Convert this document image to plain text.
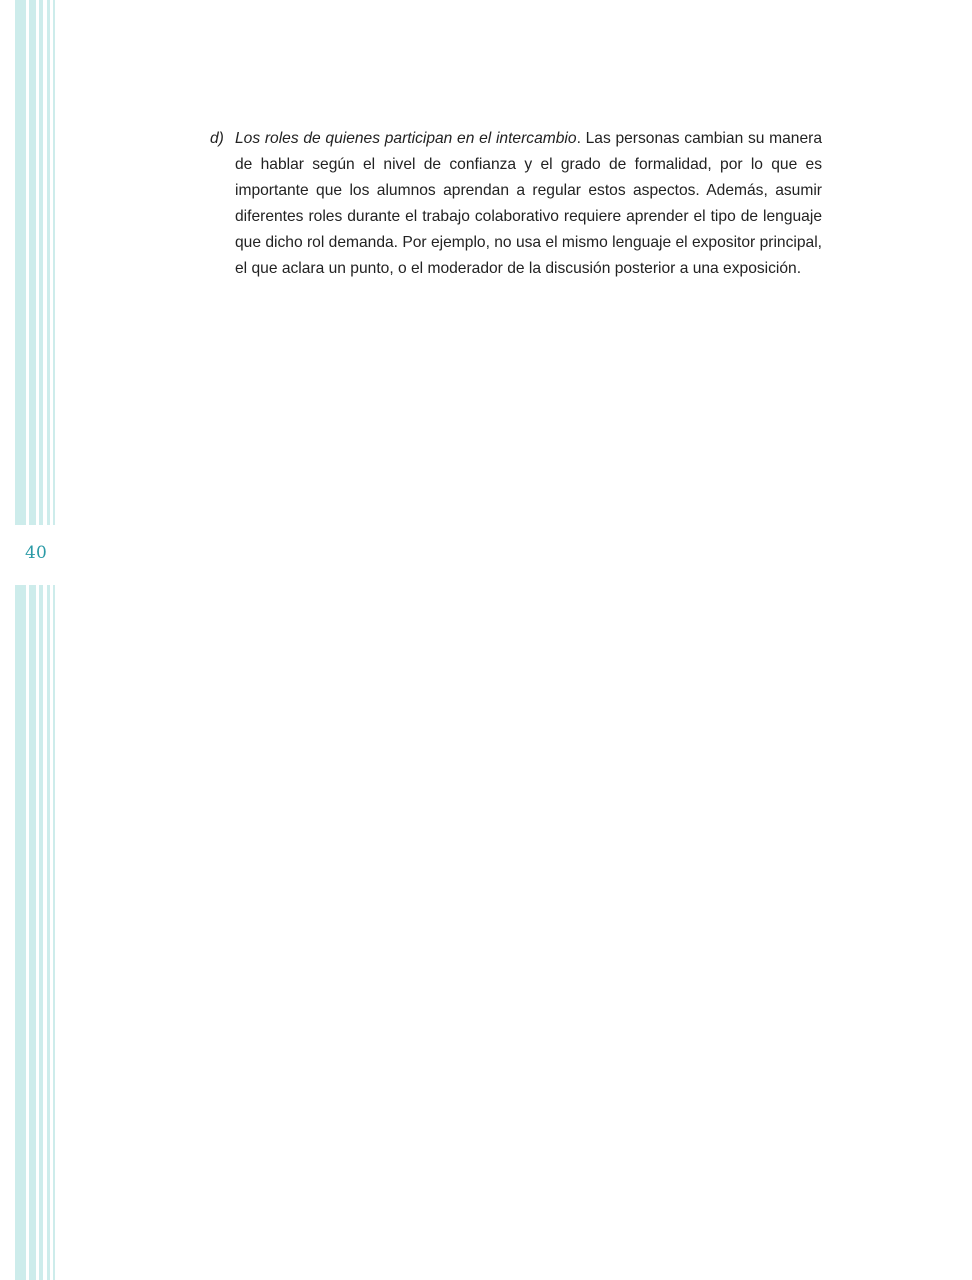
40
d) Los roles de quienes participan en el intercambio. Las personas cambian su manera de hablar según el nivel de confianza y el grado de formalidad, por lo que es importante que los alumnos aprendan a regular estos aspectos. Además, asumir diferentes roles durante el trabajo colaborativo requiere aprender el tipo de lenguaje que dicho rol demanda. Por ejemplo, no usa el mismo lenguaje el expositor principal, el que aclara un punto, o el moderador de la discusión posterior a una exposición.
